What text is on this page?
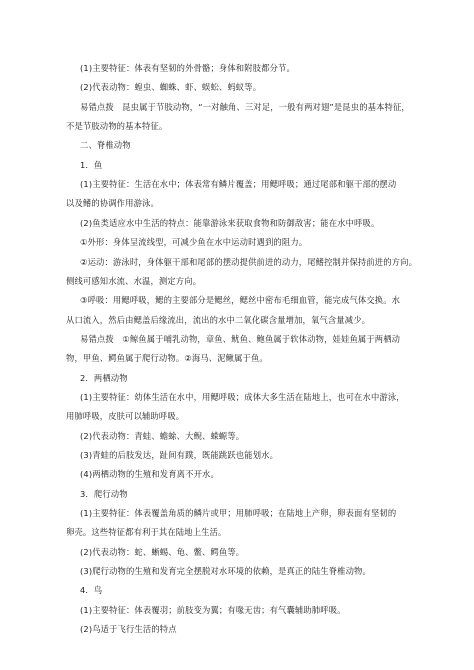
(1)主要特征：体表有坚韧的外骨骼；身体和附肢都分节。
(2)代表动物：蝗虫、蜘蛛、虾、蜈蚣、蚂蚁等。
易错点拨　昆虫属于节肢动物，“一对触角、三对足，一般有两对翅”是昆虫的基本特征，
不是节肢动物的基本特征。
二、脊椎动物
1．鱼
(1)主要特征：生活在水中；体表常有鳞片覆盖；用鳃呼吸；通过尾部和躯干部的摆动
以及鳍的协调作用游泳。
(2)鱼类适应水中生活的特点：能靠游泳来获取食物和防御敌害；能在水中呼吸。
①外形：身体呈流线型，可减少鱼在水中运动时遇到的阻力。
②运动：游泳时，身体躯干部和尾部的摆动提供前进的动力，尾鳍控制并保持前进的方向。
侧线可感知水流、水温，测定方向。
③呼吸：用鳃呼吸，鳃的主要部分是鳃丝，鳃丝中密布毛细血管，能完成气体交换。水
从口流入，然后由鳃盖后缘流出，流出的水中二氧化碳含量增加，氧气含量减少。
易错点拨　①鲸鱼属于哺乳动物，章鱼、鱿鱼、鲍鱼属于软体动物，娃娃鱼属于两栖动
物，甲鱼、鳄鱼属于爬行动物。②海马、泥鳅属于鱼。
2．两栖动物
(1)主要特征：幼体生活在水中，用鳃呼吸；成体大多生活在陆地上，也可在水中游泳，
用肺呼吸，皮肤可以辅助呼吸。
(2)代表动物：青蛙、蟾蜍、大鲵、蝾螈等。
(3)青蛙的后肢发达，趾间有蹼，既能跳跃也能划水。
(4)两栖动物的生殖和发育离不开水。
3．爬行动物
(1)主要特征：体表覆盖角质的鳞片或甲；用肺呼吸；在陆地上产卵，卵表面有坚韧的
卵壳。这些特征都有利于其在陆地上生活。
(2)代表动物：蛇、蜥蜴、龟、鳖、鳄鱼等。
(3)爬行动物的生殖和发育完全摆脱对水环境的依赖，是真正的陆生脊椎动物。
4．鸟
(1)主要特征：体表覆羽；前肢变为翼；有喙无齿；有气囊辅助肺呼吸。
(2)鸟适于飞行生活的特点
